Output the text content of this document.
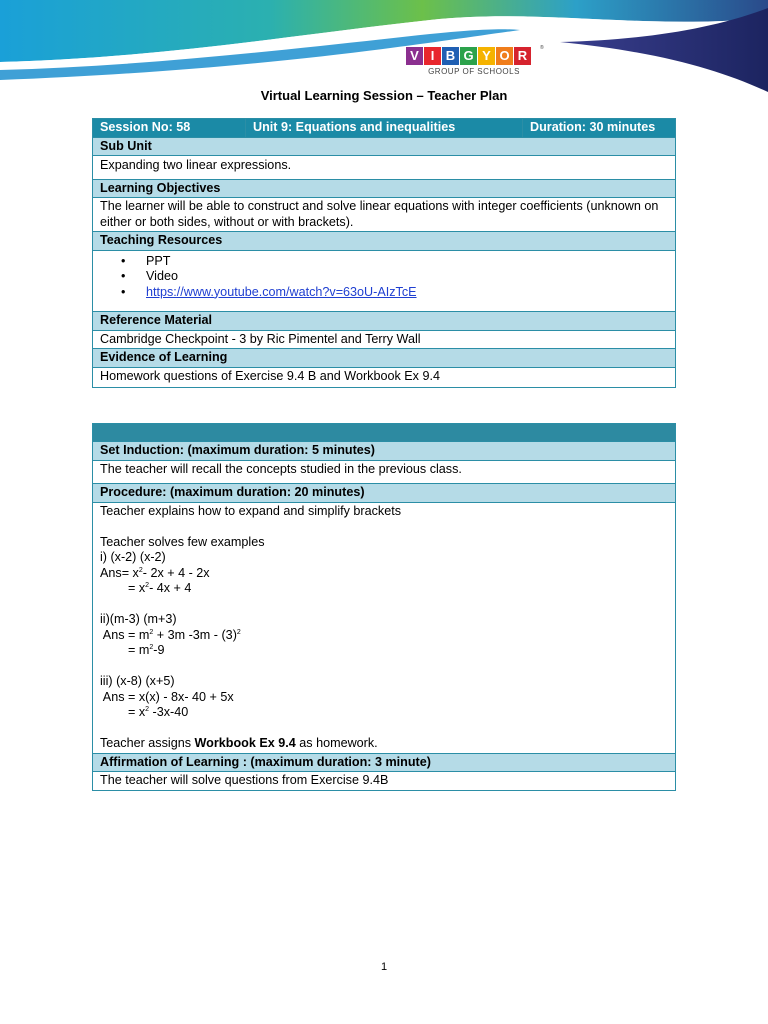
V I B G Y O R	®
GROUP OF SCHOOLS
Virtual Learning Session – Teacher Plan
Session No: 58	Unit 9: Equations and inequalities	Duration: 30 minutes
Sub Unit
Expanding two linear expressions.
Learning Objectives
The learner will be able to construct and solve linear equations with integer coefficients (unknown on either or both sides, without or with brackets).
Teaching Resources

• PPT
• Video
• https://www.youtube.com/watch?v=63oU-AIzTcE

Reference Material
Cambridge Checkpoint - 3 by Ric Pimentel and Terry Wall
Evidence of Learning
Homework questions of Exercise 9.4 B and Workbook Ex 9.4

Set Induction: (maximum duration: 5 minutes)
The teacher will recall the concepts studied in the previous class.
Procedure: (maximum duration: 20 minutes)

Teacher explains how to expand and simplify brackets
Teacher solves few examples
i) (x-2) (x-2)
$Ans= x^2-$ 2x + 4 - 2x
= $x^2-$ 4x + 4
ii)(m-3) (m+3)
Ans = $m^2 + 3m$ $-3m - (3)^2$
= $m^2-9$
iii) (x-8) (x+5)
Ans = x(x) - 8x- 40 + 5x
= $x^2$ -3x-40
Teacher assigns Workbook Ex 9.4 as homework.

Affirmation of Learning : (maximum duration: 3 minute)
The teacher will solve questions from Exercise 9.4B
1
